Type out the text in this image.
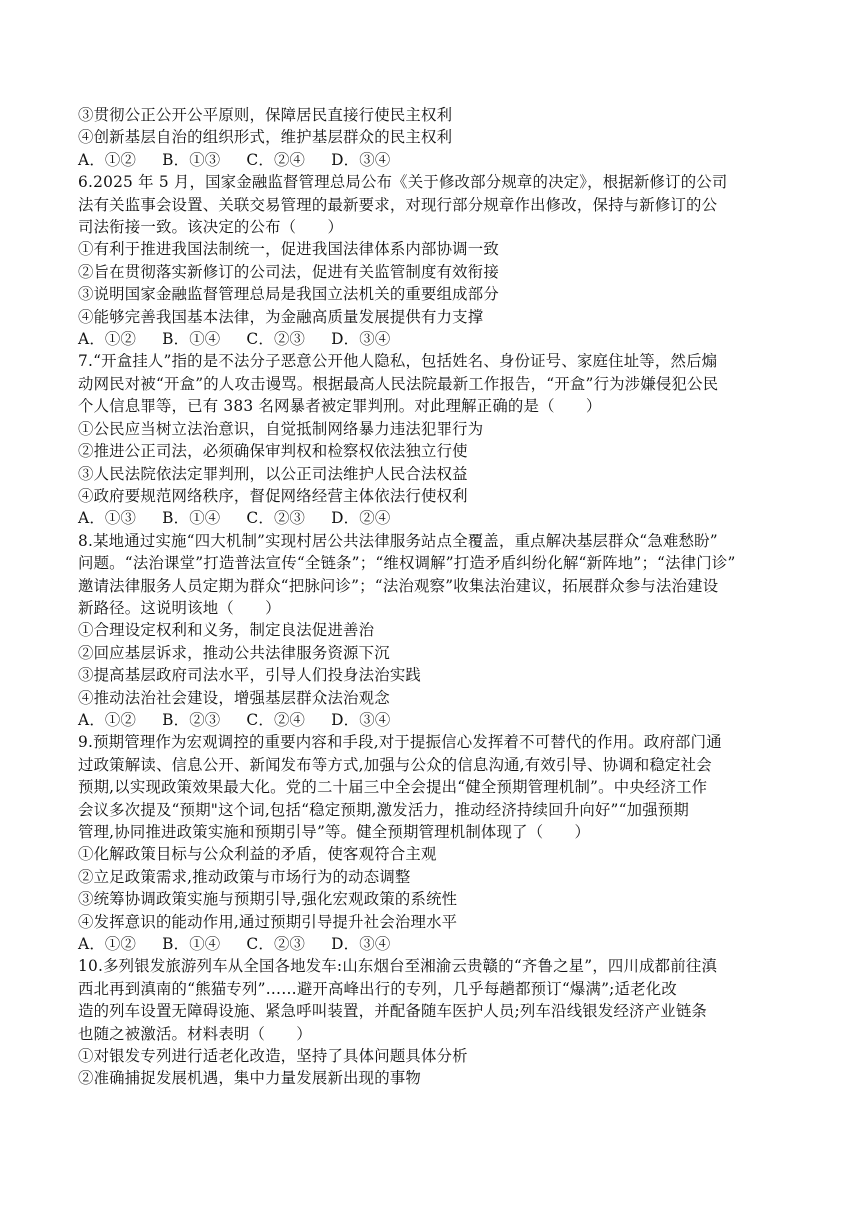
③贯彻公正公开公平原则，保障居民直接行使民主权利
④创新基层自治的组织形式，维护基层群众的民主权利
A．①② B．①③ C．②④ D．③④
6.2025 年 5 月，国家金融监督管理总局公布《关于修改部分规章的决定》，根据新修订的公司
法有关监事会设置、关联交易管理的最新要求，对现行部分规章作出修改，保持与新修订的公
司法衔接一致。该决定的公布（　　）
①有利于推进我国法制统一，促进我国法律体系内部协调一致
②旨在贯彻落实新修订的公司法，促进有关监管制度有效衔接
③说明国家金融监督管理总局是我国立法机关的重要组成部分
④能够完善我国基本法律，为金融高质量发展提供有力支撑
A．①② B．①④ C．②③ D．③④
7.“开盒挂人”指的是不法分子恶意公开他人隐私，包括姓名、身份证号、家庭住址等，然后煽
动网民对被“开盒”的人攻击谩骂。根据最高人民法院最新工作报告，“开盒”行为涉嫌侵犯公民
个人信息罪等，已有 383 名网暴者被定罪判刑。对此理解正确的是（　　）
①公民应当树立法治意识，自觉抵制网络暴力违法犯罪行为
②推进公正司法，必须确保审判权和检察权依法独立行使
③人民法院依法定罪判刑，以公正司法维护人民合法权益
④政府要规范网络秩序，督促网络经营主体依法行使权利
A．①③ B．①④ C．②③ D．②④
8.某地通过实施“四大机制”实现村居公共法律服务站点全覆盖，重点解决基层群众“急难愁盼”
问题。“法治课堂”打造普法宣传“全链条”；“维权调解”打造矛盾纠纷化解“新阵地”；“法律门诊”
邀请法律服务人员定期为群众“把脉问诊”；“法治观察”收集法治建议，拓展群众参与法治建设
新路径。这说明该地（　　）
①合理设定权利和义务，制定良法促进善治
②回应基层诉求，推动公共法律服务资源下沉
③提高基层政府司法水平，引导人们投身法治实践
④推动法治社会建设，增强基层群众法治观念
A．①② B．②③ C．②④ D．③④
9.预期管理作为宏观调控的重要内容和手段,对于提振信心发挥着不可替代的作用。政府部门通
过政策解读、信息公开、新闻发布等方式,加强与公众的信息沟通,有效引导、协调和稳定社会
预期,以实现政策效果最大化。党的二十届三中全会提出“健全预期管理机制”。中央经济工作
会议多次提及“预期"这个词,包括“稳定预期,激发活力，推动经济持续回升向好”“加强预期
管理,协同推进政策实施和预期引导”等。健全预期管理机制体现了（　　）
①化解政策目标与公众利益的矛盾，使客观符合主观
②立足政策需求,推动政策与市场行为的动态调整
③统筹协调政策实施与预期引导,强化宏观政策的系统性
④发挥意识的能动作用,通过预期引导提升社会治理水平
A．①② B．①④ C．②③ D．③④
10.多列银发旅游列车从全国各地发车:山东烟台至湘渝云贵赣的“齐鲁之星”，四川成都前往滇
西北再到滇南的“熊猫专列”……避开高峰出行的专列，几乎每趟都预订“爆满”;适老化改
造的列车设置无障碍设施、紧急呼叫装置，并配备随车医护人员;列车沿线银发经济产业链条
也随之被激活。材料表明（　　）
①对银发专列进行适老化改造，坚持了具体问题具体分析
②准确捕捉发展机遇，集中力量发展新出现的事物
